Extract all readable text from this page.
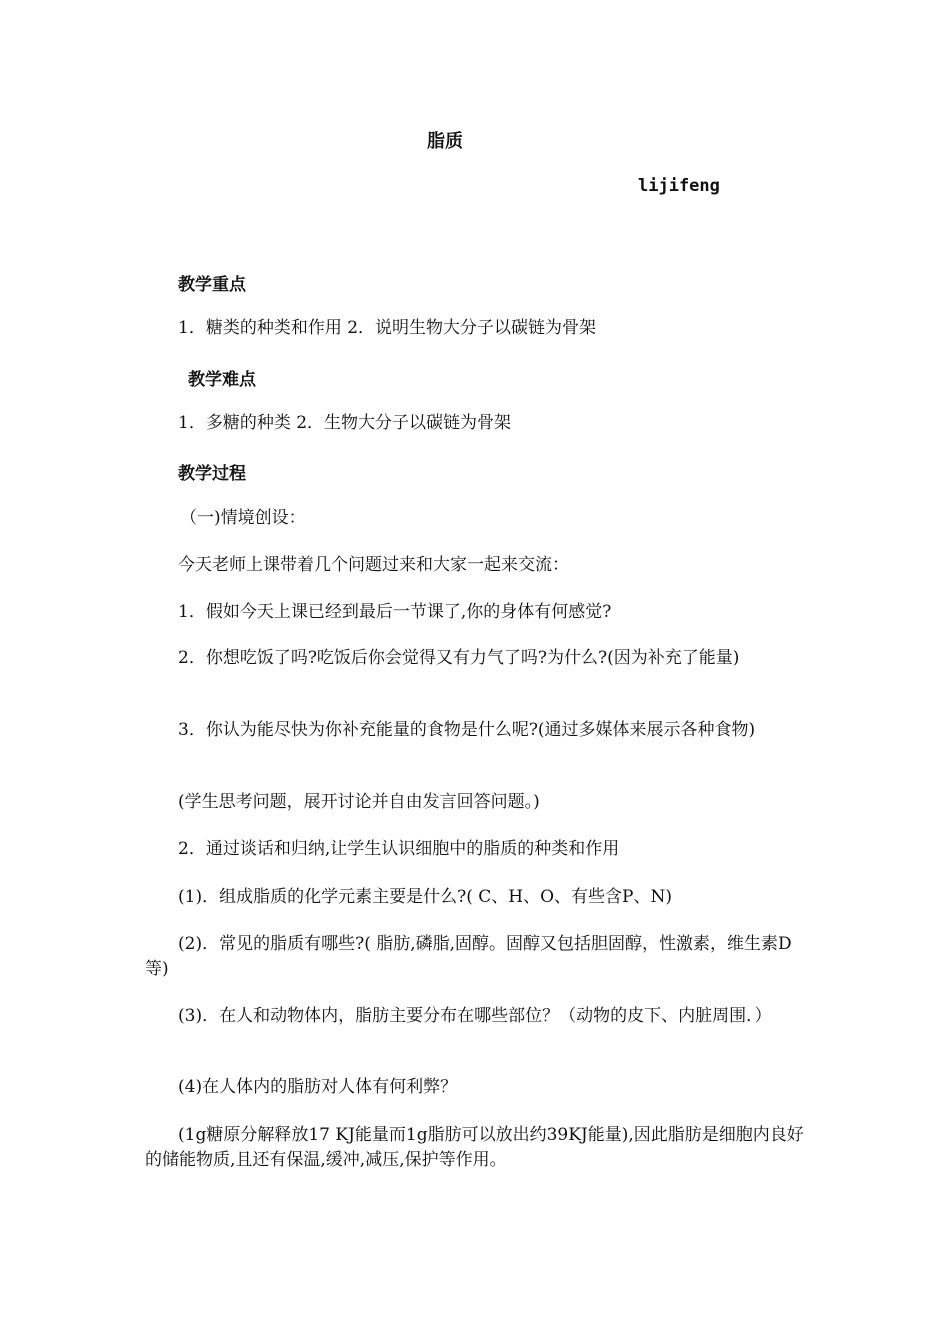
脂质
lijifeng
教学重点
1．糖类的种类和作用 2．说明生物大分子以碳链为骨架
教学难点
1．多糖的种类 2．生物大分子以碳链为骨架
教学过程
（一)情境创设：
今天老师上课带着几个问题过来和大家一起来交流：
1．假如今天上课已经到最后一节课了,你的身体有何感觉?
2．你想吃饭了吗?吃饭后你会觉得又有力气了吗?为什么?(因为补充了能量)
3．你认为能尽快为你补充能量的食物是什么呢?(通过多媒体来展示各种食物)
(学生思考问题，展开讨论并自由发言回答问题。)
2．通过谈话和归纳,让学生认识细胞中的脂质的种类和作用
(1)．组成脂质的化学元素主要是什么?( C、H、O、有些含P、N)
(2)．常见的脂质有哪些?( 脂肪,磷脂,固醇。固醇又包括胆固醇，性激素，维生素D等)
(3)．在人和动物体内，脂肪主要分布在哪些部位？（动物的皮下、内脏周围．）
(4)在人体内的脂肪对人体有何利弊？
(1g糖原分解释放17 KJ能量而1g脂肪可以放出约39KJ能量),因此脂肪是细胞内良好的储能物质,且还有保温,缓冲,减压,保护等作用。
